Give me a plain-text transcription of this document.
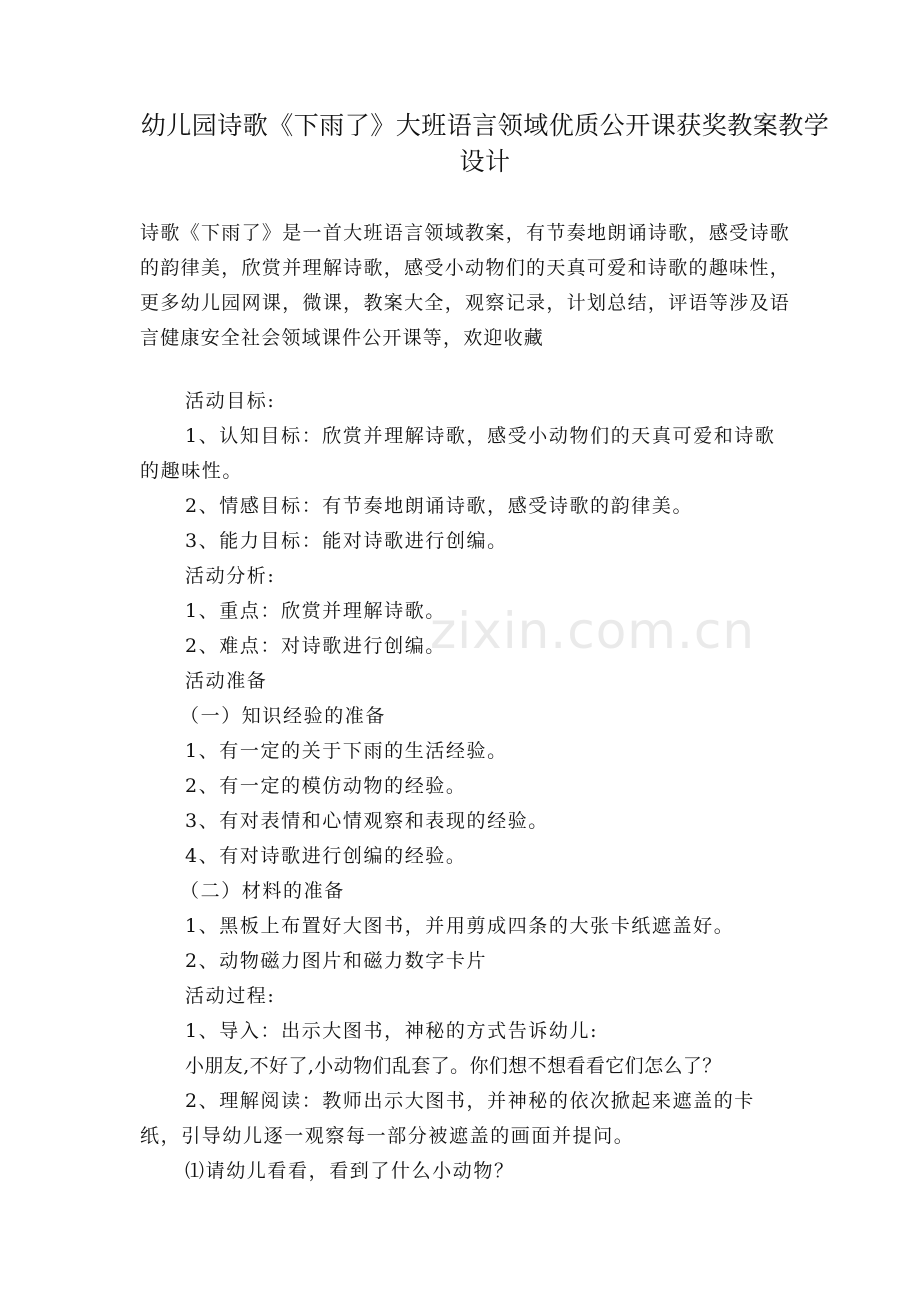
幼儿园诗歌《下雨了》大班语言领域优质公开课获奖教案教学设计
诗歌《下雨了》是一首大班语言领域教案，有节奏地朗诵诗歌，感受诗歌的韵律美，欣赏并理解诗歌，感受小动物们的天真可爱和诗歌的趣味性，更多幼儿园网课，微课，教案大全，观察记录，计划总结，评语等涉及语言健康安全社会领域课件公开课等，欢迎收藏

活动目标:

1、认知目标：欣赏并理解诗歌，感受小动物们的天真可爱和诗歌的趣味性。

2、情感目标：有节奏地朗诵诗歌，感受诗歌的韵律美。

3、能力目标：能对诗歌进行创编。

活动分析:

1、重点：欣赏并理解诗歌。

2、难点：对诗歌进行创编。

活动准备

（一）知识经验的准备

1、有一定的关于下雨的生活经验。

2、有一定的模仿动物的经验。

3、有对表情和心情观察和表现的经验。

4、有对诗歌进行创编的经验。

（二）材料的准备

1、黑板上布置好大图书，并用剪成四条的大张卡纸遮盖好。

2、动物磁力图片和磁力数字卡片

活动过程:

1、导入：出示大图书，神秘的方式告诉幼儿:

小朋友,不好了,小动物们乱套了。你们想不想看看它们怎么了？

2、理解阅读：教师出示大图书，并神秘的依次掀起来遮盖的卡纸，引导幼儿逐一观察每一部分被遮盖的画面并提问。

⑴请幼儿看看，看到了什么小动物？

zixin.com.cn
